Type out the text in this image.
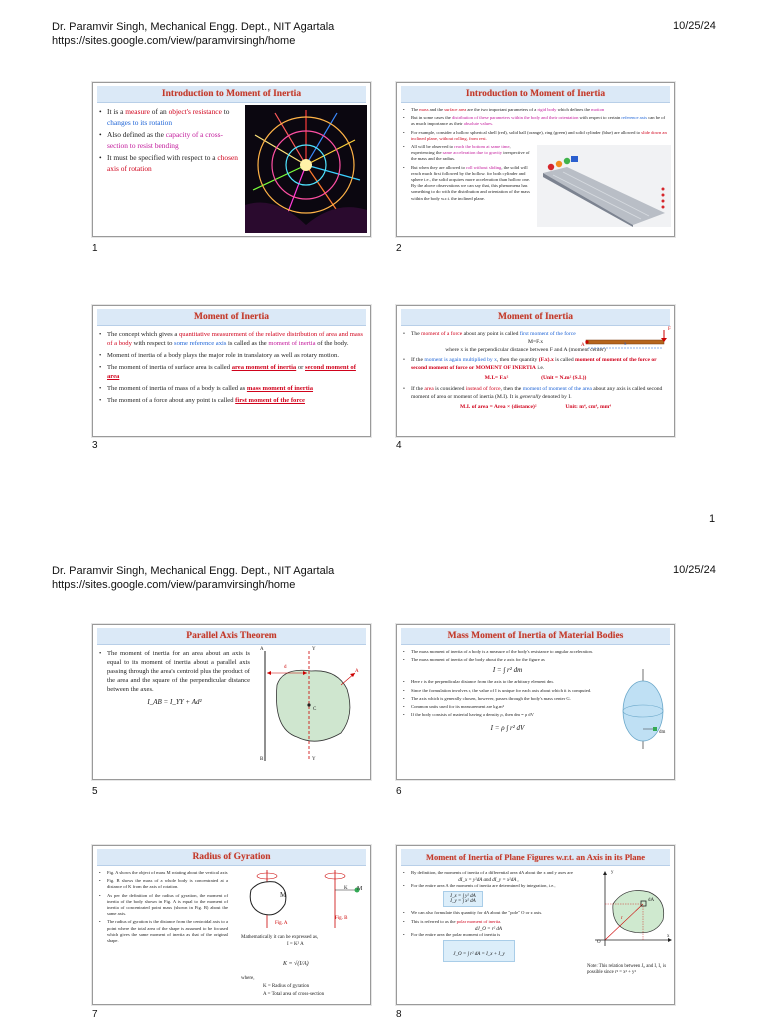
Dr. Paramvir Singh, Mechanical Engg. Dept., NIT Agartala
https://sites.google.com/view/paramvirsingh/home
10/25/24
Introduction to Moment of Inertia
• It is a measure of an object's resistance to changes to its rotation
• Also defined as the capacity of a cross-section to resist bending
• It must be specified with respect to a chosen axis of rotation
1
Introduction to Moment of Inertia
• The mass and the surface area are the two important parameters of a rigid body which defines the motion
• But in some cases the distribution of these parameters within the body and their orientation with respect to certain reference axis can be of as much importance as their absolute values.
• For example, consider a hollow spherical shell (red), solid ball (orange), ring (green) and solid cylinder (blue) are allowed to slide down an inclined plane, without rolling, from rest.
• All will be observed to reach the bottom at same time, experiencing the same acceleration due to gravity irrespective of the mass and the radius.
• But when they are allowed to roll without sliding, the solid will reach much first followed by the hollow. for both cylinder and sphere i.e., the solid acquires more acceleration than hollow one. By the above observations we can say that, this phenomena has something to do with the distribution and orientation of the mass within the body w.r.t. the inclined plane.
2
Moment of Inertia
• The concept which gives a quantitative measurement of the relative distribution of area and mass of a body with respect to some reference axis is called as the moment of inertia of the body.
• Moment of inertia of a body plays the major role in translatory as well as rotary motion.
• The moment of inertia of surface area is called area moment of inertia or second moment of area
• The moment of inertia of mass of a body is called as mass moment of inertia
• The moment of a force about any point is called first moment of the force
3
Moment of Inertia
• The moment of a force about any point is called first moment of the force
M=F.x
where x is the perpendicular distance between F and A (moment center)
• If the moment is again multiplied by x, then the quantity (F.x).x is called moment of moment of the force or second moment of force or MOMENT OF INERTIA i.e.
M.I.= F.x²	(Unit = N.m² (S.I.))
• If the area is considered instead of force, then the moment of moment of the area about any axis is called second moment of area or moment of inertia (M.I). It is generally denoted by I.
M.I. of area = Area × (distance)²	Unit: m⁴, cm⁴, mm⁴
F
A	x
4
1
Dr. Paramvir Singh, Mechanical Engg. Dept., NIT Agartala
https://sites.google.com/view/paramvirsingh/home
10/25/24
Parallel Axis Theorem
• The moment of inertia for an area about an axis is equal to its moment of inertia about a parallel axis passing through the area's centroid plus the product of the area and the square of the perpendicular distance between the axes.
I_AB = I_YY + Ad²
A
B
Y
Y
d
C
A
5
Mass Moment of Inertia of Material Bodies
• The mass moment of inertia of a body is a measure of the body's resistance to angular acceleration.
• The mass moment of inertia of the body about the z axis for the figure as
I = ∫ r² dm
• Here r is the perpendicular distance from the axis to the arbitrary element dm.
• Since the formulation involves r, the value of I is unique for each axis about which it is computed.
• The axis which is generally chosen, however, passes through the body's mass center G.
• Common units used for its measurement are kg.m²
• If the body consists of material having a density ρ, then dm = ρ dV
I = ρ ∫ r² dV
dm
6
Radius of Gyration
• Fig. A shows the object of mass M rotating about the vertical axis
• Fig. B shows the mass of a whole body is concentrated at a distance of K from the axis of rotation.
• As per the definition of the radius of gyration, the moment of inertia of the body shown in Fig. A is equal to the moment of inertia of concentrated point mass (shown in Fig. B) about the same axis.
• The radius of gyration is the distance from the centroidal axis to a point where the total area of the shape is assumed to be focused which gives the same moment of inertia as that of the original shape.
M
K M
Fig. A
Fig. B
Mathematically it can be expressed as,
I = K² A
K = √(I/A)
where,
K = Radius of gyration
A = Total area of cross-section
7
Moment of Inertia of Plane Figures w.r.t. an Axis in its Plane
• By definition, the moments of inertia of a differential area dA about the x and y axes are
dI_x = y²dA and dI_y = x²dA ,
• For the entire area A the moments of inertia are determined by integration, i.e.,
I_x = ∫ y² dA
I_y = ∫ x² dA
• We can also formulate this quantity for dA about the "pole" O or z axis.
• This is referred to as the polar moment of inertia.
dJ_O = r² dA
• For the entire area the polar moment of inertia is
J_O = ∫ r² dA = I_x + I_y
y
x
O
dA
r
Note: This relation between J₀ and I, I₁ is possible since r² = x² + y²
8
